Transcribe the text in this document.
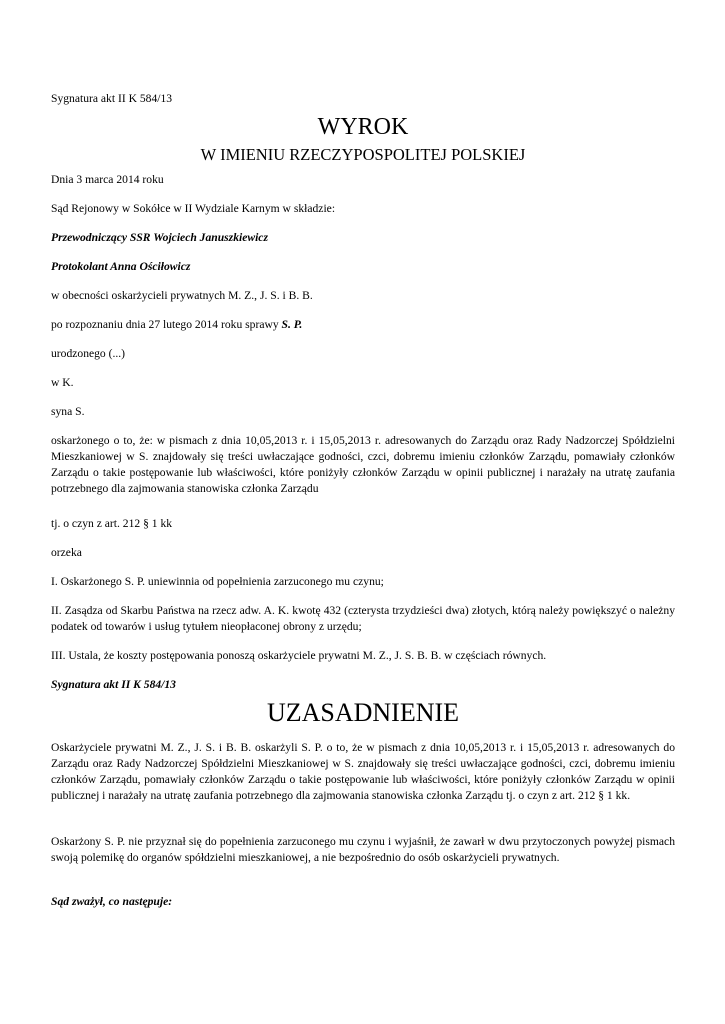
Sygnatura akt II K 584/13

WYROK
W IMIENIU RZECZYPOSPOLITEJ POLSKIEJ

Dnia 3 marca 2014 roku

Sąd Rejonowy w Sokółce w II Wydziale Karnym w składzie:

Przewodniczący SSR Wojciech Januszkiewicz

Protokolant Anna Ościłowicz

w obecności oskarżycieli prywatnych M. Z., J. S. i B. B.

po rozpoznaniu dnia 27 lutego 2014 roku sprawy S. P.

urodzonego (...)

w K.

syna S.

oskarżonego o to, że: w pismach z dnia 10,05,2013 r. i 15,05,2013 r. adresowanych do Zarządu oraz Rady Nadzorczej Spółdzielni Mieszkaniowej w S. znajdowały się treści uwłaczające godności, czci, dobremu imieniu członków Zarządu, pomawiały członków Zarządu o takie postępowanie lub właściwości, które poniżyły członków Zarządu w opinii publicznej i narażały na utratę zaufania potrzebnego dla zajmowania stanowiska członka Zarządu

tj. o czyn z art. 212 § 1 kk

orzeka

I. Oskarżonego S. P. uniewinnia od popełnienia zarzuconego mu czynu;

II. Zasądza od Skarbu Państwa na rzecz adw. A. K. kwotę 432 (czterysta trzydzieści dwa) złotych, którą należy powiększyć o należny podatek od towarów i usług tytułem nieopłaconej obrony z urzędu;

III. Ustala, że koszty postępowania ponoszą oskarżyciele prywatni M. Z., J. S. B. B. w częściach równych.

Sygnatura akt II K 584/13

UZASADNIENIE

Oskarżyciele prywatni M. Z., J. S. i B. B. oskarżyli S. P. o to, że w pismach z dnia 10,05,2013 r. i 15,05,2013 r. adresowanych do Zarządu oraz Rady Nadzorczej Spółdzielni Mieszkaniowej w S. znajdowały się treści uwłaczające godności, czci, dobremu imieniu członków Zarządu, pomawiały członków Zarządu o takie postępowanie lub właściwości, które poniżyły członków Zarządu w opinii publicznej i narażały na utratę zaufania potrzebnego dla zajmowania stanowiska członka Zarządu tj. o czyn z art. 212 § 1 kk.

Oskarżony S. P. nie przyznał się do popełnienia zarzuconego mu czynu i wyjaśnił, że zawarł w dwu przytoczonych powyżej pismach swoją polemikę do organów spółdzielni mieszkaniowej, a nie bezpośrednio do osób oskarżycieli prywatnych.

Sąd zważył, co następuje:
